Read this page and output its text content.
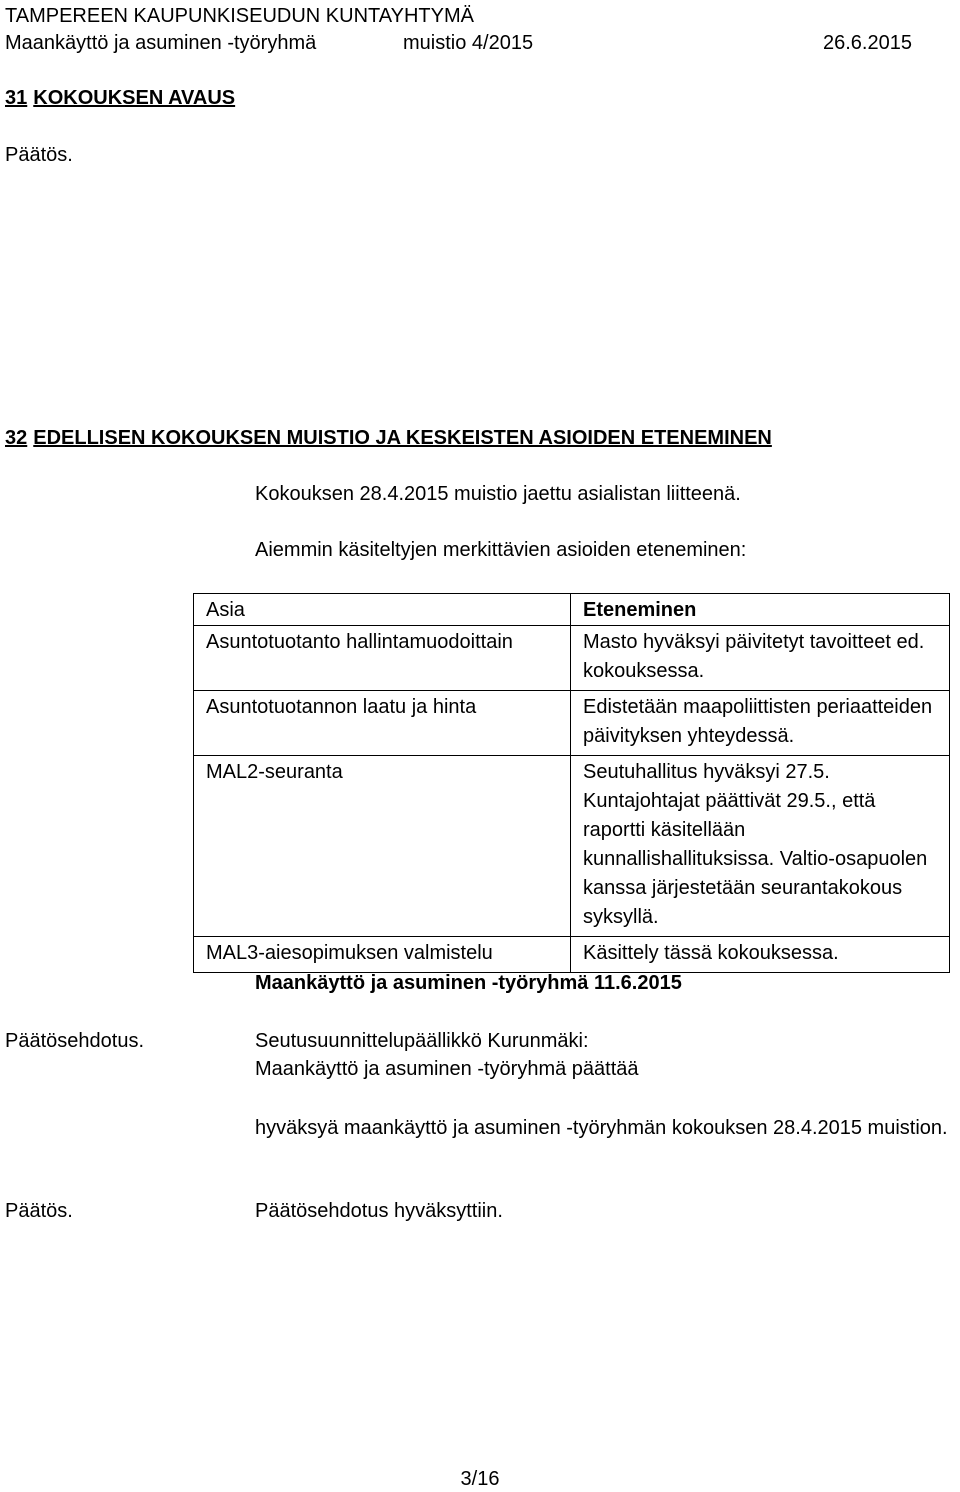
TAMPEREEN KAUPUNKISEUDUN KUNTAYHTYMÄ
Maankäyttö ja asuminen -työryhmä	muistio 4/2015	26.6.2015
31 KOKOUKSEN AVAUS
Päätös.
32 EDELLISEN KOKOUKSEN MUISTIO JA KESKEISTEN ASIOIDEN ETENEMINEN
Kokouksen 28.4.2015 muistio jaettu asialistan liitteenä.
Aiemmin käsiteltyjen merkittävien asioiden eteneminen:
Asia	Eteneminen
Asuntotuotanto hallintamuodoittain	Masto hyväksyi päivitetyt tavoitteet ed. kokouksessa.
Asuntotuotannon laatu ja hinta	Edistetään maapoliittisten periaatteiden päivityksen yhteydessä.
MAL2-seuranta	Seutuhallitus hyväksyi 27.5. Kuntajohtajat päättivät 29.5., että raportti käsitellään kunnallishallituksissa. Valtio-osapuolen kanssa järjestetään seurantakokous syksyllä.
MAL3-aiesopimuksen valmistelu	Käsittely tässä kokouksessa.
Maankäyttö ja asuminen -työryhmä 11.6.2015
Päätösehdotus.	Seutusuunnittelupäällikkö Kurunmäki:
Maankäyttö ja asuminen -työryhmä päättää
hyväksyä maankäyttö ja asuminen -työryhmän kokouksen 28.4.2015 muistion.
Päätös.	Päätösehdotus hyväksyttiin.
3/16
